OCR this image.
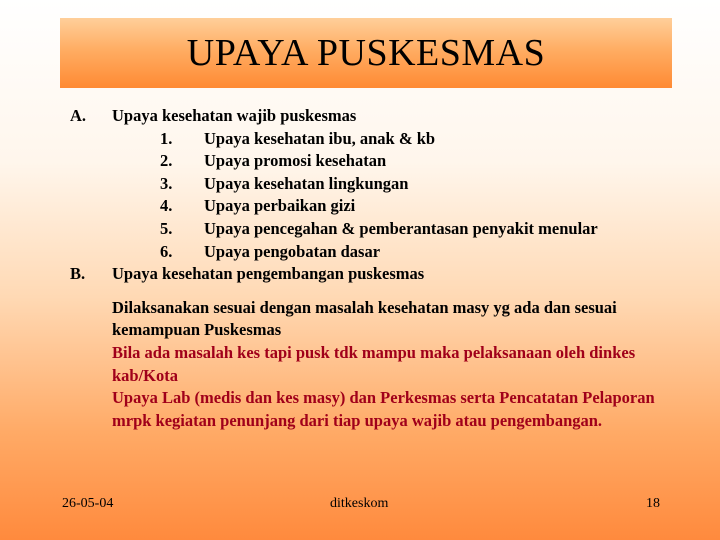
UPAYA PUSKESMAS
A. Upaya kesehatan wajib puskesmas
1. Upaya kesehatan ibu, anak & kb
2. Upaya promosi kesehatan
3. Upaya kesehatan lingkungan
4. Upaya perbaikan gizi
5. Upaya pencegahan & pemberantasan penyakit menular
6. Upaya pengobatan dasar
B. Upaya kesehatan pengembangan puskesmas
Dilaksanakan sesuai dengan masalah kesehatan masy yg ada dan sesuai kemampuan Puskesmas
Bila ada masalah kes tapi pusk tdk mampu maka pelaksanaan oleh dinkes kab/Kota
Upaya Lab (medis dan kes masy) dan Perkesmas serta Pencatatan Pelaporan mrpk kegiatan penunjang dari tiap upaya wajib atau pengembangan.
26-05-04	ditkeskom	18
